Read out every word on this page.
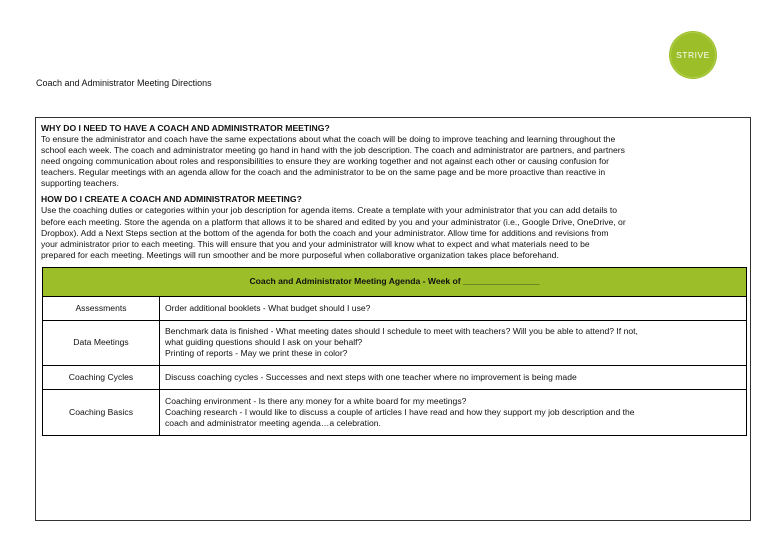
STRIVE
Coach and Administrator Meeting Directions

WHY DO I NEED TO HAVE A COACH AND ADMINISTRATOR MEETING?

To ensure the administrator and coach have the same expectations about what the coach will be doing to improve teaching and learning throughout the
school each week. The coach and administrator meeting go hand in hand with the job description. The coach and administrator are partners, and partners
need ongoing communication about roles and responsibilities to ensure they are working together and not against each other or causing confusion for
teachers. Regular meetings with an agenda allow for the coach and the administrator to be on the same page and be more proactive than reactive in
supporting teachers.

HOW DO I CREATE A COACH AND ADMINISTRATOR MEETING?

Use the coaching duties or categories within your job description for agenda items. Create a template with your administrator that you can add details to
before each meeting. Store the agenda on a platform that allows it to be shared and edited by you and your administrator (i.e., Google Drive, OneDrive, or
Dropbox). Add a Next Steps section at the bottom of the agenda for both the coach and your administrator. Allow time for additions and revisions from
your administrator prior to each meeting. This will ensure that you and your administrator will know what to expect and what materials need to be
prepared for each meeting. Meetings will run smoother and be more purposeful when collaborative organization takes place beforehand.

Coach and Administrator Meeting Agenda - Week of ________________	
Assessments	Order additional booklets - What budget should I use?

Data Meetings	Benchmark data is finished - What meeting dates should I schedule to meet with teachers? Will you be able to attend? If not,
what guiding questions should I ask on your behalf?
Printing of reports - May we print these in color?

Coaching Cycles	Discuss coaching cycles - Successes and next steps with one teacher where no improvement is being made

Coaching Basics	Coaching environment - Is there any money for a white board for my meetings?
Coaching research - I would like to discuss a couple of articles I have read and how they support my job description and the
coach and administrator meeting agenda…a celebration.
